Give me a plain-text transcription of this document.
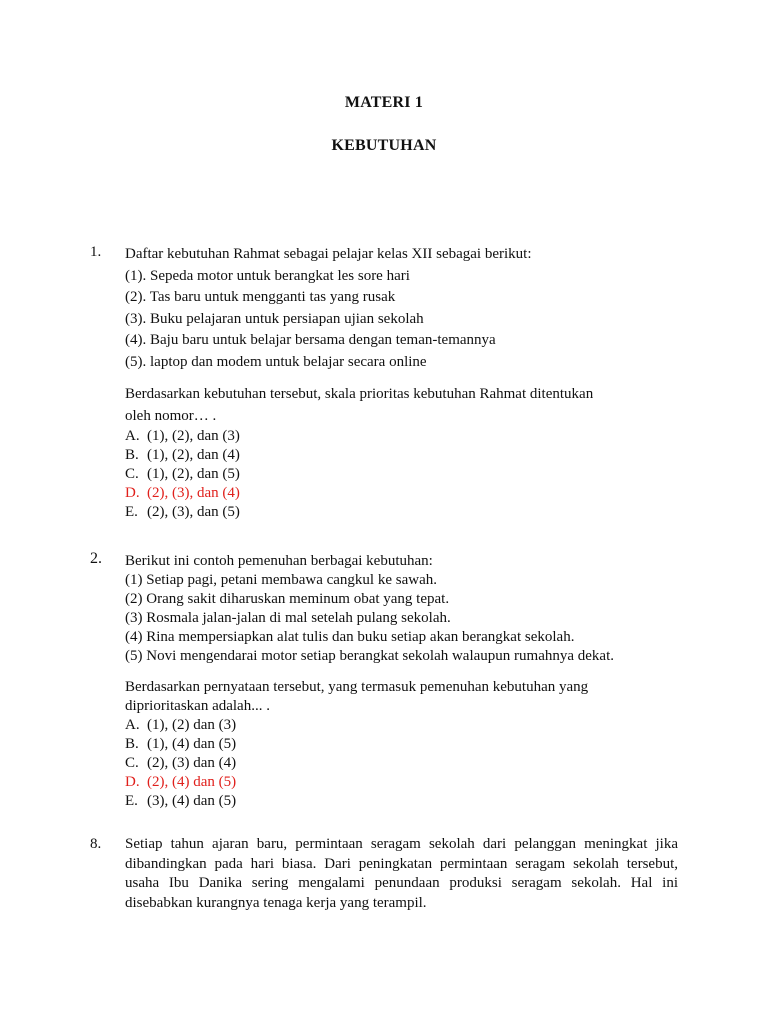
MATERI 1
KEBUTUHAN
1. Daftar kebutuhan Rahmat sebagai pelajar kelas XII sebagai berikut:
(1). Sepeda motor untuk berangkat les sore hari
(2). Tas baru untuk mengganti tas yang rusak
(3). Buku pelajaran untuk persiapan ujian sekolah
(4). Baju baru untuk belajar bersama dengan teman-temannya
(5). laptop dan modem untuk belajar secara online
Berdasarkan kebutuhan tersebut, skala prioritas kebutuhan Rahmat ditentukan
oleh nomor… .
A. (1), (2), dan (3)
B. (1), (2), dan (4)
C. (1), (2), dan (5)
D. (2), (3), dan (4)
E. (2), (3), dan (5)
2. Berikut ini contoh pemenuhan berbagai kebutuhan:
(1) Setiap pagi, petani membawa cangkul ke sawah.
(2) Orang sakit diharuskan meminum obat yang tepat.
(3) Rosmala jalan-jalan di mal setelah pulang sekolah.
(4) Rina mempersiapkan alat tulis dan buku setiap akan berangkat sekolah.
(5) Novi mengendarai motor setiap berangkat sekolah walaupun rumahnya dekat.
Berdasarkan pernyataan tersebut, yang termasuk pemenuhan kebutuhan yang
diprioritaskan adalah... .
A. (1), (2) dan (3)
B. (1), (4) dan (5)
C. (2), (3) dan (4)
D. (2), (4) dan (5)
E. (3), (4) dan (5)
8. Setiap tahun ajaran baru, permintaan seragam sekolah dari pelanggan meningkat jika dibandingkan pada hari biasa. Dari peningkatan permintaan seragam sekolah tersebut, usaha Ibu Danika sering mengalami penundaan produksi seragam sekolah. Hal ini disebabkan kurangnya tenaga kerja yang terampil.
